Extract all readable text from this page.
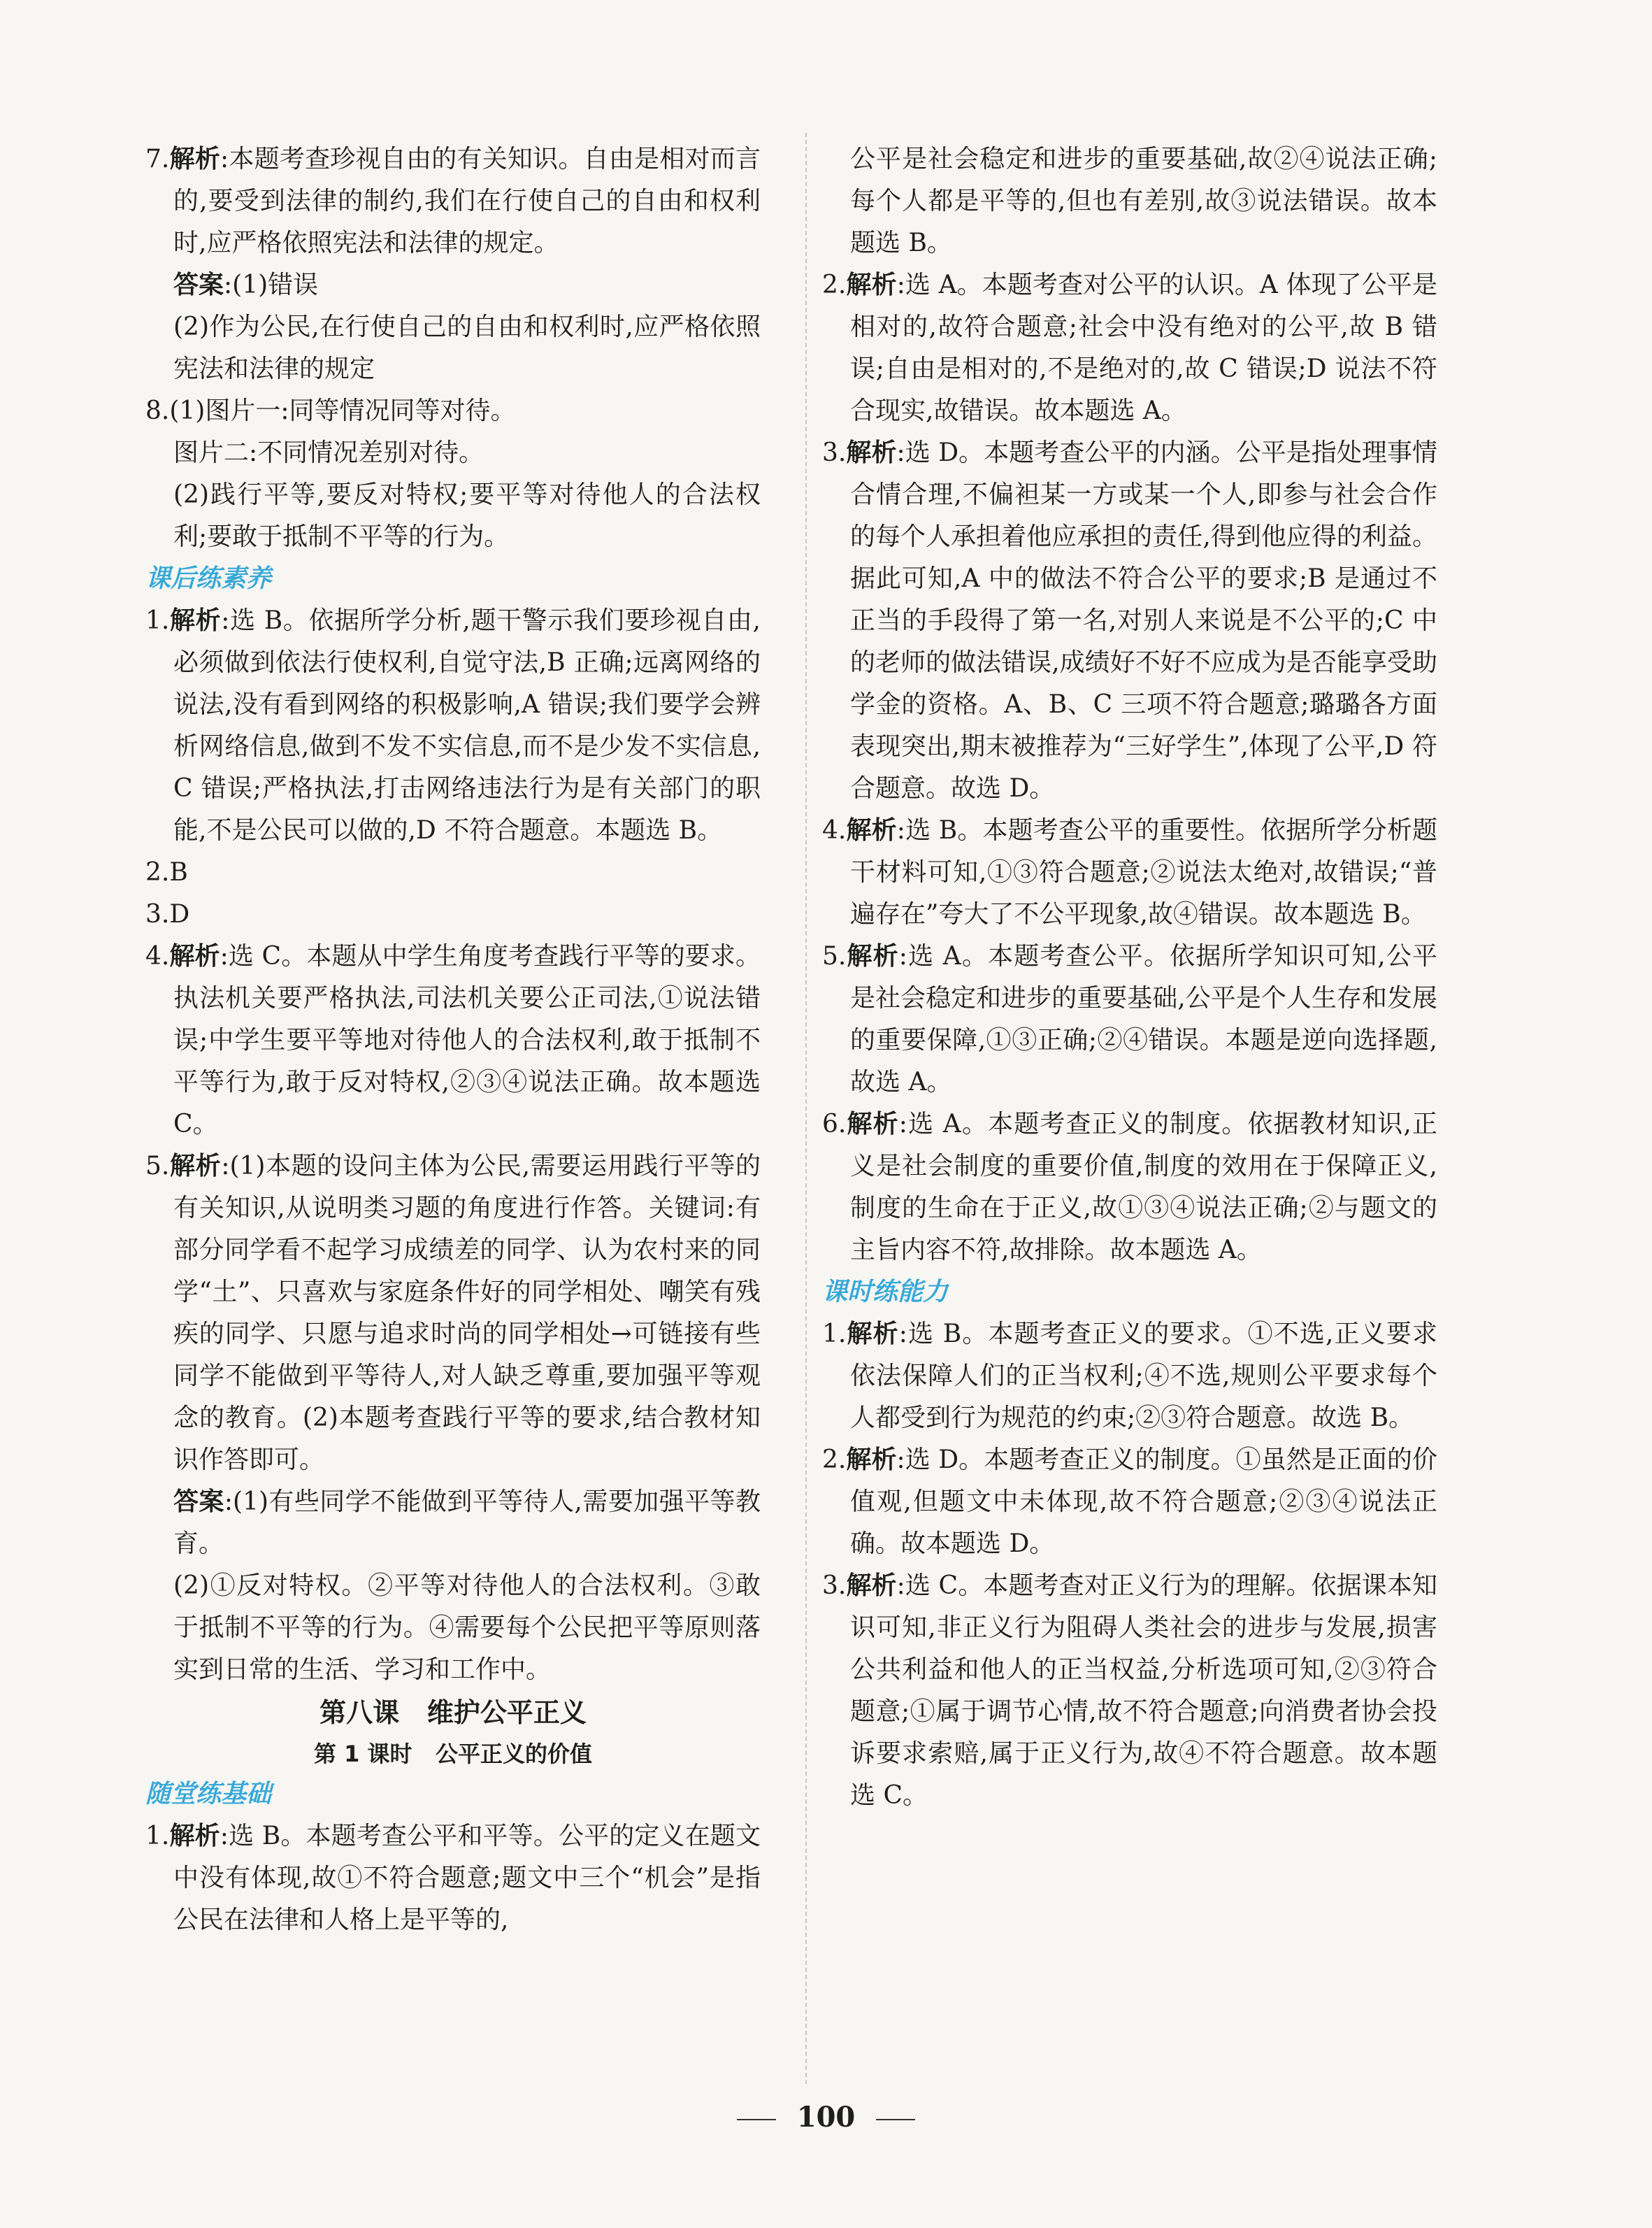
7.解析:本题考查珍视自由的有关知识。自由是相对而言的,要受到法律的制约,我们在行使自己的自由和权利时,应严格依照宪法和法律的规定。

答案:(1)错误

(2)作为公民,在行使自己的自由和权利时,应严格依照宪法和法律的规定

8.(1)图片一:同等情况同等对待。

图片二:不同情况差别对待。

(2)践行平等,要反对特权;要平等对待他人的合法权利;要敢于抵制不平等的行为。

课后练素养

1.解析:选 B。依据所学分析,题干警示我们要珍视自由,必须做到依法行使权利,自觉守法,B 正确;远离网络的说法,没有看到网络的积极影响,A 错误;我们要学会辨析网络信息,做到不发不实信息,而不是少发不实信息,C 错误;严格执法,打击网络违法行为是有关部门的职能,不是公民可以做的,D 不符合题意。本题选 B。

2.B

3.D

4.解析:选 C。本题从中学生角度考查践行平等的要求。执法机关要严格执法,司法机关要公正司法,①说法错误;中学生要平等地对待他人的合法权利,敢于抵制不平等行为,敢于反对特权,②③④说法正确。故本题选 C。

5.解析:(1)本题的设问主体为公民,需要运用践行平等的有关知识,从说明类习题的角度进行作答。关键词:有部分同学看不起学习成绩差的同学、认为农村来的同学“土”、只喜欢与家庭条件好的同学相处、嘲笑有残疾的同学、只愿与追求时尚的同学相处→可链接有些同学不能做到平等待人,对人缺乏尊重,要加强平等观念的教育。(2)本题考查践行平等的要求,结合教材知识作答即可。

答案:(1)有些同学不能做到平等待人,需要加强平等教育。

(2)①反对特权。②平等对待他人的合法权利。③敢于抵制不平等的行为。④需要每个公民把平等原则落实到日常的生活、学习和工作中。

第八课   维护公平正义

第 1 课时   公平正义的价值

随堂练基础

1.解析:选 B。本题考查公平和平等。公平的定义在题文中没有体现,故①不符合题意;题文中三个“机会”是指公民在法律和人格上是平等的,

公平是社会稳定和进步的重要基础,故②④说法正确;每个人都是平等的,但也有差别,故③说法错误。故本题选 B。

2.解析:选 A。本题考查对公平的认识。A 体现了公平是相对的,故符合题意;社会中没有绝对的公平,故 B 错误;自由是相对的,不是绝对的,故 C 错误;D 说法不符合现实,故错误。故本题选 A。

3.解析:选 D。本题考查公平的内涵。公平是指处理事情合情合理,不偏袒某一方或某一个人,即参与社会合作的每个人承担着他应承担的责任,得到他应得的利益。据此可知,A 中的做法不符合公平的要求;B 是通过不正当的手段得了第一名,对别人来说是不公平的;C 中的老师的做法错误,成绩好不好不应成为是否能享受助学金的资格。A、B、C 三项不符合题意;璐璐各方面表现突出,期末被推荐为“三好学生”,体现了公平,D 符合题意。故选 D。

4.解析:选 B。本题考查公平的重要性。依据所学分析题干材料可知,①③符合题意;②说法太绝对,故错误;“普遍存在”夸大了不公平现象,故④错误。故本题选 B。

5.解析:选 A。本题考查公平。依据所学知识可知,公平是社会稳定和进步的重要基础,公平是个人生存和发展的重要保障,①③正确;②④错误。本题是逆向选择题,故选 A。

6.解析:选 A。本题考查正义的制度。依据教材知识,正义是社会制度的重要价值,制度的效用在于保障正义,制度的生命在于正义,故①③④说法正确;②与题文的主旨内容不符,故排除。故本题选 A。

课时练能力

1.解析:选 B。本题考查正义的要求。①不选,正义要求依法保障人们的正当权利;④不选,规则公平要求每个人都受到行为规范的约束;②③符合题意。故选 B。

2.解析:选 D。本题考查正义的制度。①虽然是正面的价值观,但题文中未体现,故不符合题意;②③④说法正确。故本题选 D。

3.解析:选 C。本题考查对正义行为的理解。依据课本知识可知,非正义行为阻碍人类社会的进步与发展,损害公共利益和他人的正当权益,分析选项可知,②③符合题意;①属于调节心情,故不符合题意;向消费者协会投诉要求索赔,属于正义行为,故④不符合题意。故本题选 C。

100
